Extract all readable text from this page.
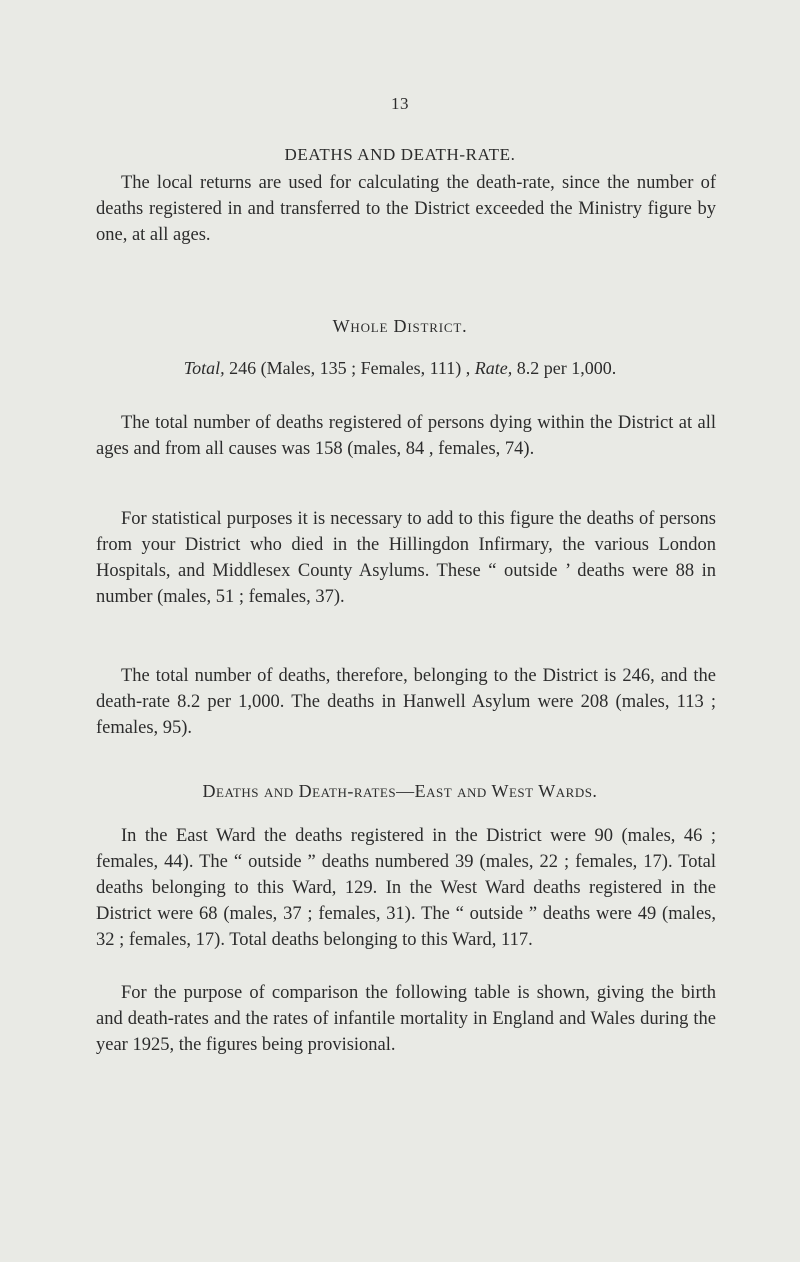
13
DEATHS AND DEATH-RATE.

The local returns are used for calculating the death-rate, since the number of deaths registered in and transferred to the District exceeded the Ministry figure by one, at all ages.

Whole District.
Total, 246 (Males, 135 ; Females, 111) , Rate, 8.2 per 1,000.

The total number of deaths registered of persons dying within the District at all ages and from all causes was 158 (males, 84 , females, 74).

For statistical purposes it is necessary to add to this figure the deaths of persons from your District who died in the Hillingdon Infirmary, the various London Hospitals, and Middlesex County Asylums. These “ outside ’ deaths were 88 in number (males, 51 ; females, 37).

The total number of deaths, therefore, belonging to the District is 246, and the death-rate 8.2 per 1,000. The deaths in Hanwell Asylum were 208 (males, 113 ; females, 95).

Deaths and Death-rates—East and West Wards.

In the East Ward the deaths registered in the District were 90 (males, 46 ; females, 44). The “ outside ” deaths numbered 39 (males, 22 ; females, 17). Total deaths belonging to this Ward, 129. In the West Ward deaths registered in the District were 68 (males, 37 ; females, 31). The “ outside ” deaths were 49 (males, 32 ; females, 17). Total deaths belonging to this Ward, 117.

For the purpose of comparison the following table is shown, giving the birth and death-rates and the rates of infantile mortality in England and Wales during the year 1925, the figures being provisional.
